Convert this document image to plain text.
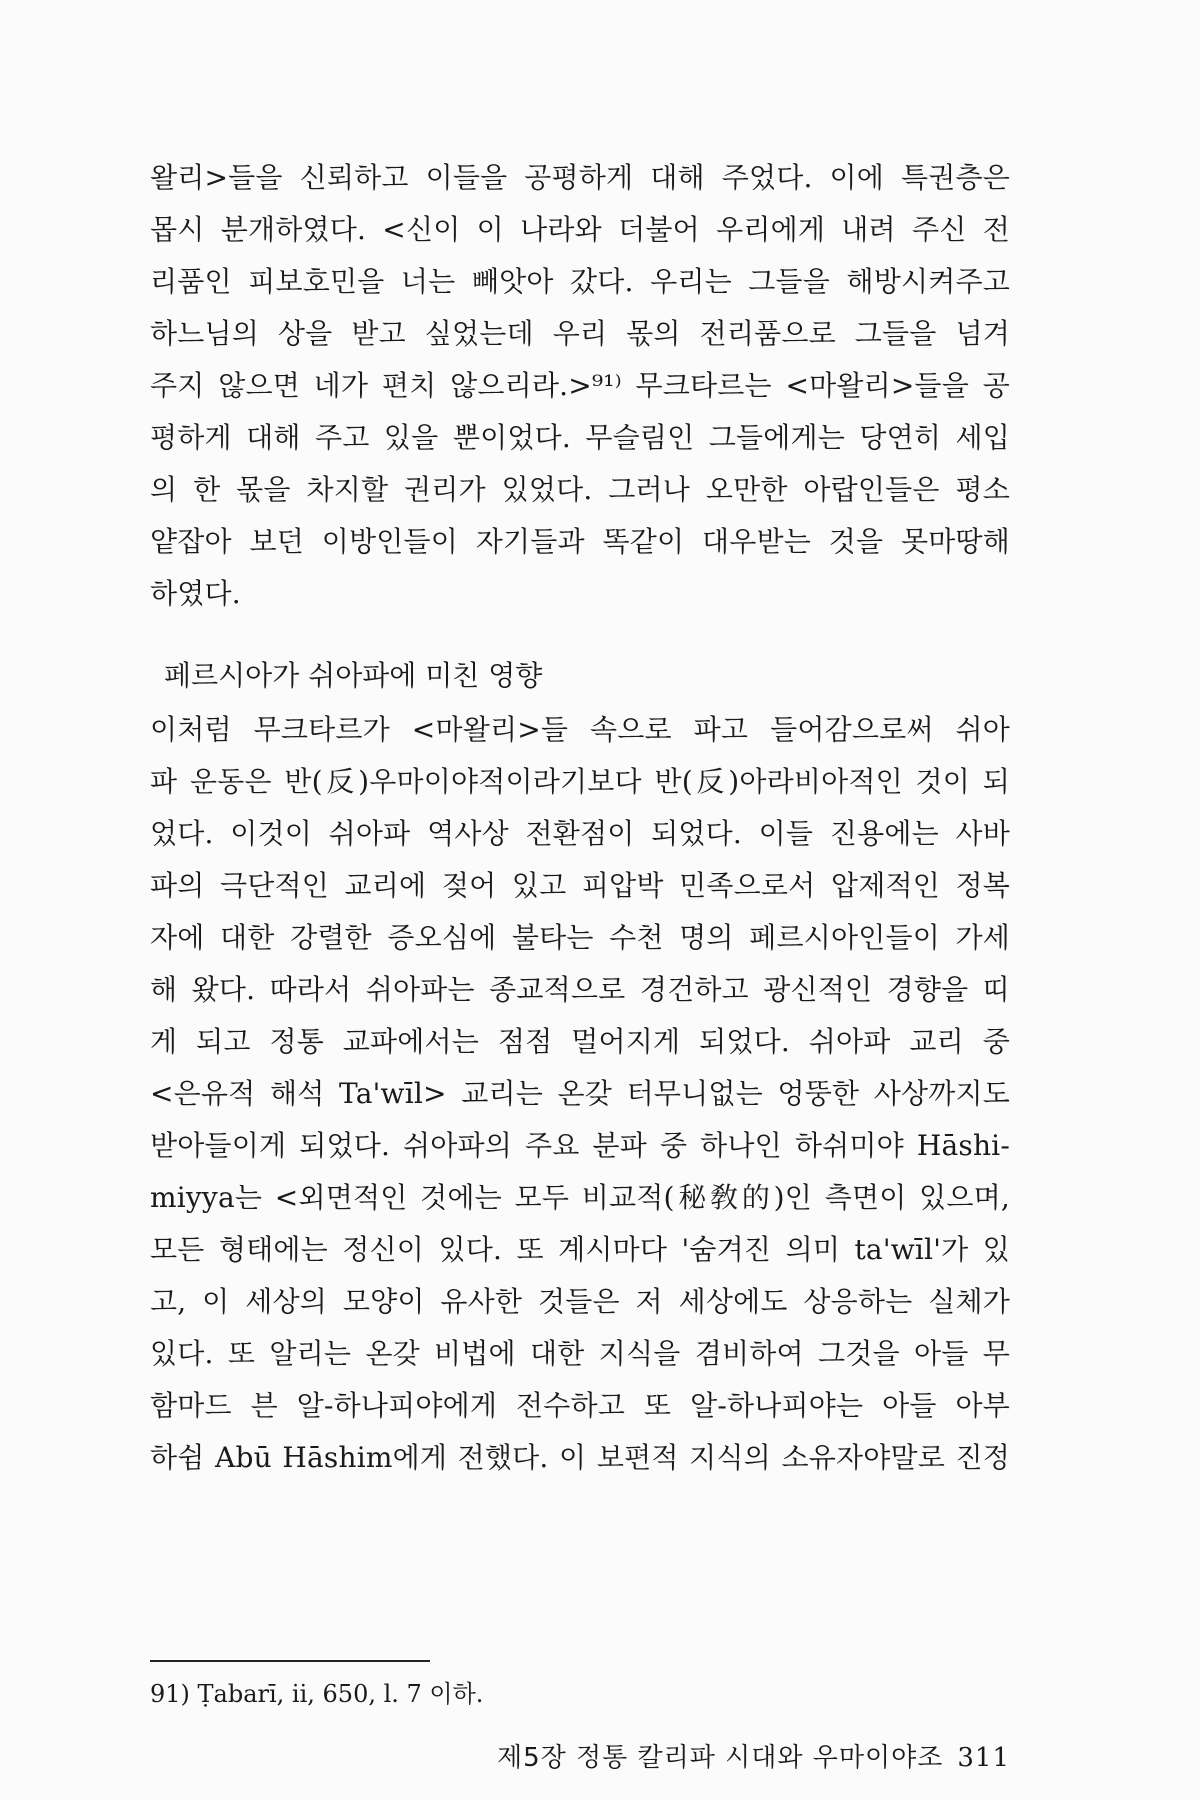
왈리>들을 신뢰하고 이들을 공평하게 대해 주었다. 이에 특권층은
몹시 분개하였다. <신이 이 나라와 더불어 우리에게 내려 주신 전
리품인 피보호민을 너는 빼앗아 갔다. 우리는 그들을 해방시켜주고
하느님의 상을 받고 싶었는데 우리 몫의 전리품으로 그들을 넘겨
주지 않으면 네가 편치 않으리라.>⁹¹⁾ 무크타르는 <마왈리>들을 공
평하게 대해 주고 있을 뿐이었다. 무슬림인 그들에게는 당연히 세입
의 한 몫을 차지할 권리가 있었다. 그러나 오만한 아랍인들은 평소
얕잡아 보던 이방인들이 자기들과 똑같이 대우받는 것을 못마땅해
하였다.
페르시아가 쉬아파에 미친 영향
이처럼 무크타르가 <마왈리>들 속으로 파고 들어감으로써 쉬아
파 운동은 반(反)우마이야적이라기보다 반(反)아라비아적인 것이 되
었다. 이것이 쉬아파 역사상 전환점이 되었다. 이들 진용에는 사바
파의 극단적인 교리에 젖어 있고 피압박 민족으로서 압제적인 정복
자에 대한 강렬한 증오심에 불타는 수천 명의 페르시아인들이 가세
해 왔다. 따라서 쉬아파는 종교적으로 경건하고 광신적인 경향을 띠
게 되고 정통 교파에서는 점점 멀어지게 되었다. 쉬아파 교리 중
<은유적 해석 Ta'wīl> 교리는 온갖 터무니없는 엉뚱한 사상까지도
받아들이게 되었다. 쉬아파의 주요 분파 중 하나인 하쉬미야 Hāshi-
miyya는 <외면적인 것에는 모두 비교적(秘敎的)인 측면이 있으며,
모든 형태에는 정신이 있다. 또 계시마다 '숨겨진 의미 ta'wīl'가 있
고, 이 세상의 모양이 유사한 것들은 저 세상에도 상응하는 실체가
있다. 또 알리는 온갖 비법에 대한 지식을 겸비하여 그것을 아들 무
함마드 븐 알-하나피야에게 전수하고 또 알-하나피야는 아들 아부
하쉼 Abū Hāshim에게 전했다. 이 보편적 지식의 소유자야말로 진정
91) Ṭabarī, ii, 650, l. 7 이하.
제5장 정통 칼리파 시대와 우마이야조 311
